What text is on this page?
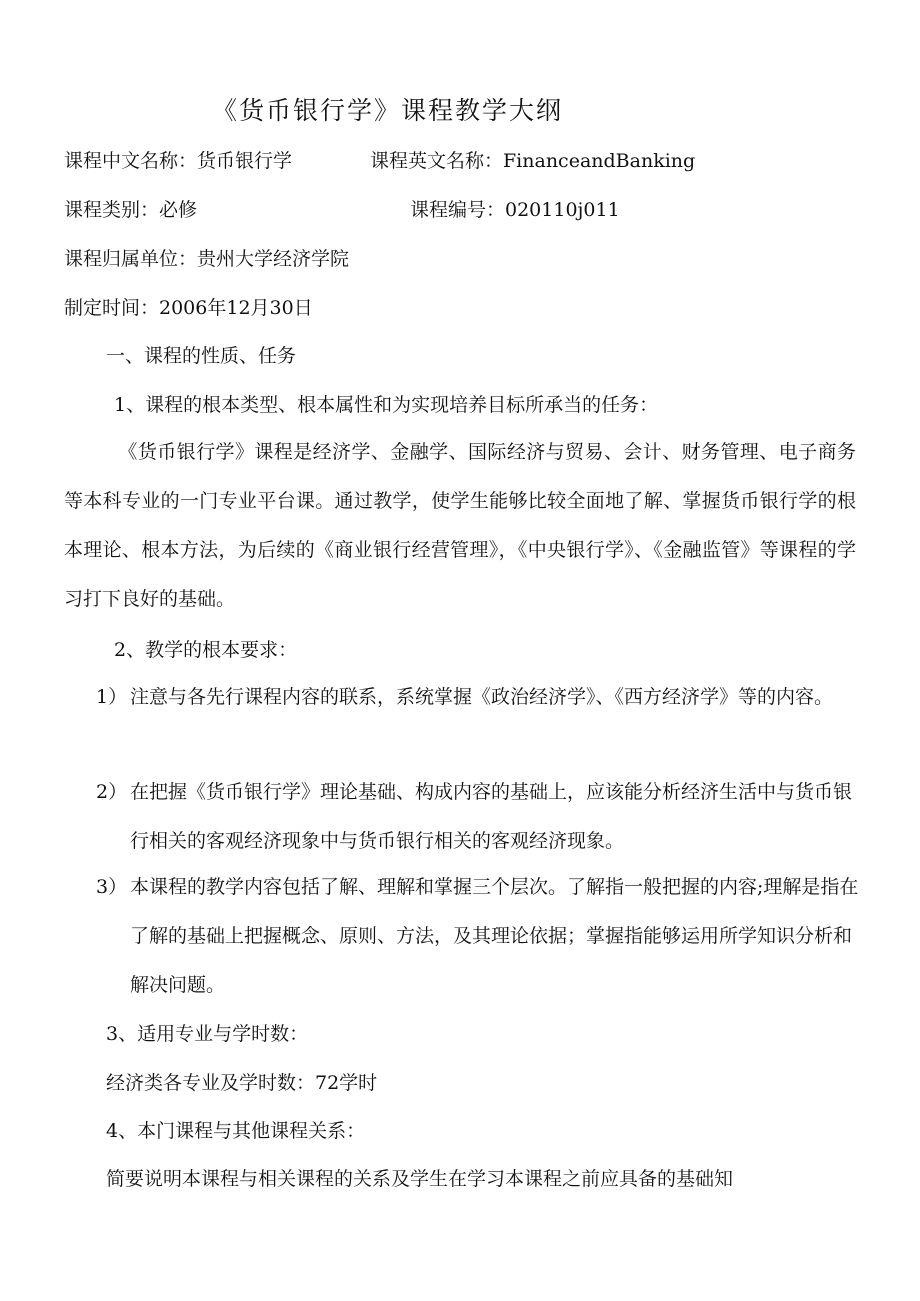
《货币银行学》课程教学大纲
课程中文名称：货币银行学	课程英文名称：FinanceandBanking
课程类别：必修	课程编号：020110j011
课程归属单位：贵州大学经济学院
制定时间：2006年12月30日
一、课程的性质、任务
1、课程的根本类型、根本属性和为实现培养目标所承当的任务：
《货币银行学》课程是经济学、金融学、国际经济与贸易、会计、财务管理、电子商务等本科专业的一门专业平台课。通过教学，使学生能够比较全面地了解、掌握货币银行学的根本理论、根本方法，为后续的《商业银行经营管理》，《中央银行学》、《金融监管》等课程的学习打下良好的基础。
2、教学的根本要求：
1） 注意与各先行课程内容的联系，系统掌握《政治经济学》、《西方经济学》等的内容。
2） 在把握《货币银行学》理论基础、构成内容的基础上，应该能分析经济生活中与货币银行相关的客观经济现象中与货币银行相关的客观经济现象。
3） 本课程的教学内容包括了解、理解和掌握三个层次。了解指一般把握的内容;理解是指在了解的基础上把握概念、原则、方法，及其理论依据；掌握指能够运用所学知识分析和解决问题。
3、适用专业与学时数：
经济类各专业及学时数：72学时
4、本门课程与其他课程关系：
简要说明本课程与相关课程的关系及学生在学习本课程之前应具备的基础知
